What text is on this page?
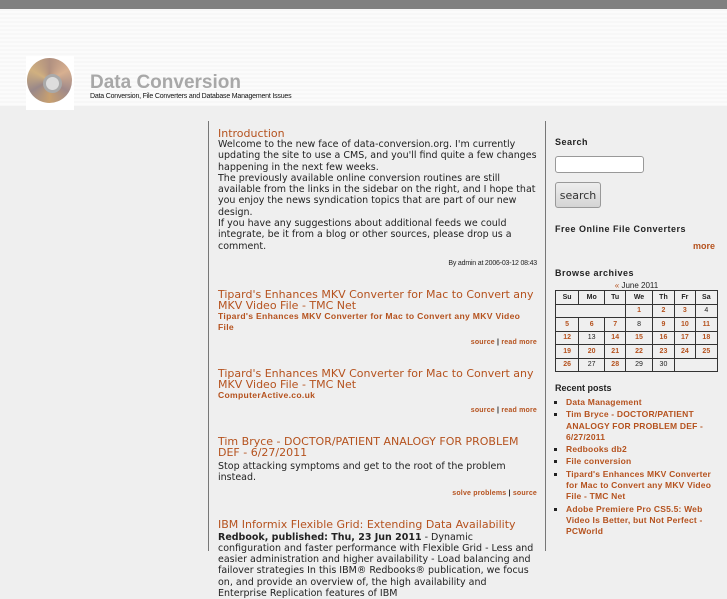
Data Conversion
Data Conversion, File Converters and Database Management Issues
Introduction
Welcome to the new face of data-conversion.org. I'm currently updating the site to use a CMS, and you'll find quite a few changes happening in the next few weeks.
The previously available online conversion routines are still available from the links in the sidebar on the right, and I hope that you enjoy the news syndication topics that are part of our new design.
If you have any suggestions about additional feeds we could integrate, be it from a blog or other sources, please drop us a comment.
By admin at 2006-03-12 08:43
Tipard's Enhances MKV Converter for Mac to Convert any MKV Video File - TMC Net
Tipard's Enhances MKV Converter for Mac to Convert any MKV Video File
source | read more
Tipard's Enhances MKV Converter for Mac to Convert any MKV Video File - TMC Net
ComputerActive.co.uk
source | read more
Tim Bryce - DOCTOR/PATIENT ANALOGY FOR PROBLEM DEF - 6/27/2011
Stop attacking symptoms and get to the root of the problem instead.
solve problems | source
IBM Informix Flexible Grid: Extending Data Availability
Redbook, published: Thu, 23 Jun 2011 - Dynamic configuration and faster performance with Flexible Grid - Less and easier administration and higher availability - Load balancing and failover strategies In this IBM® Redbooks® publication, we focus on, and provide an overview of, the high availability and Enterprise Replication features of IBM
Search
search
Free Online File Converters
more
Browse archives
« June 2011
Su	Mo	Tu	We	Th	Fr	Sa
			1	2	3	4
5	6	7	8	9	10	11
12	13	14	15	16	17	18
19	20	21	22	23	24	25
26	27	28	29	30		
Recent posts
▪ Data Management
▪ Tim Bryce - DOCTOR/PATIENT ANALOGY FOR PROBLEM DEF - 6/27/2011
▪ Redbooks db2
▪ File conversion
▪ Tipard's Enhances MKV Converter for Mac to Convert any MKV Video File - TMC Net
▪ Adobe Premiere Pro CS5.5: Web Video Is Better, but Not Perfect - PCWorld
